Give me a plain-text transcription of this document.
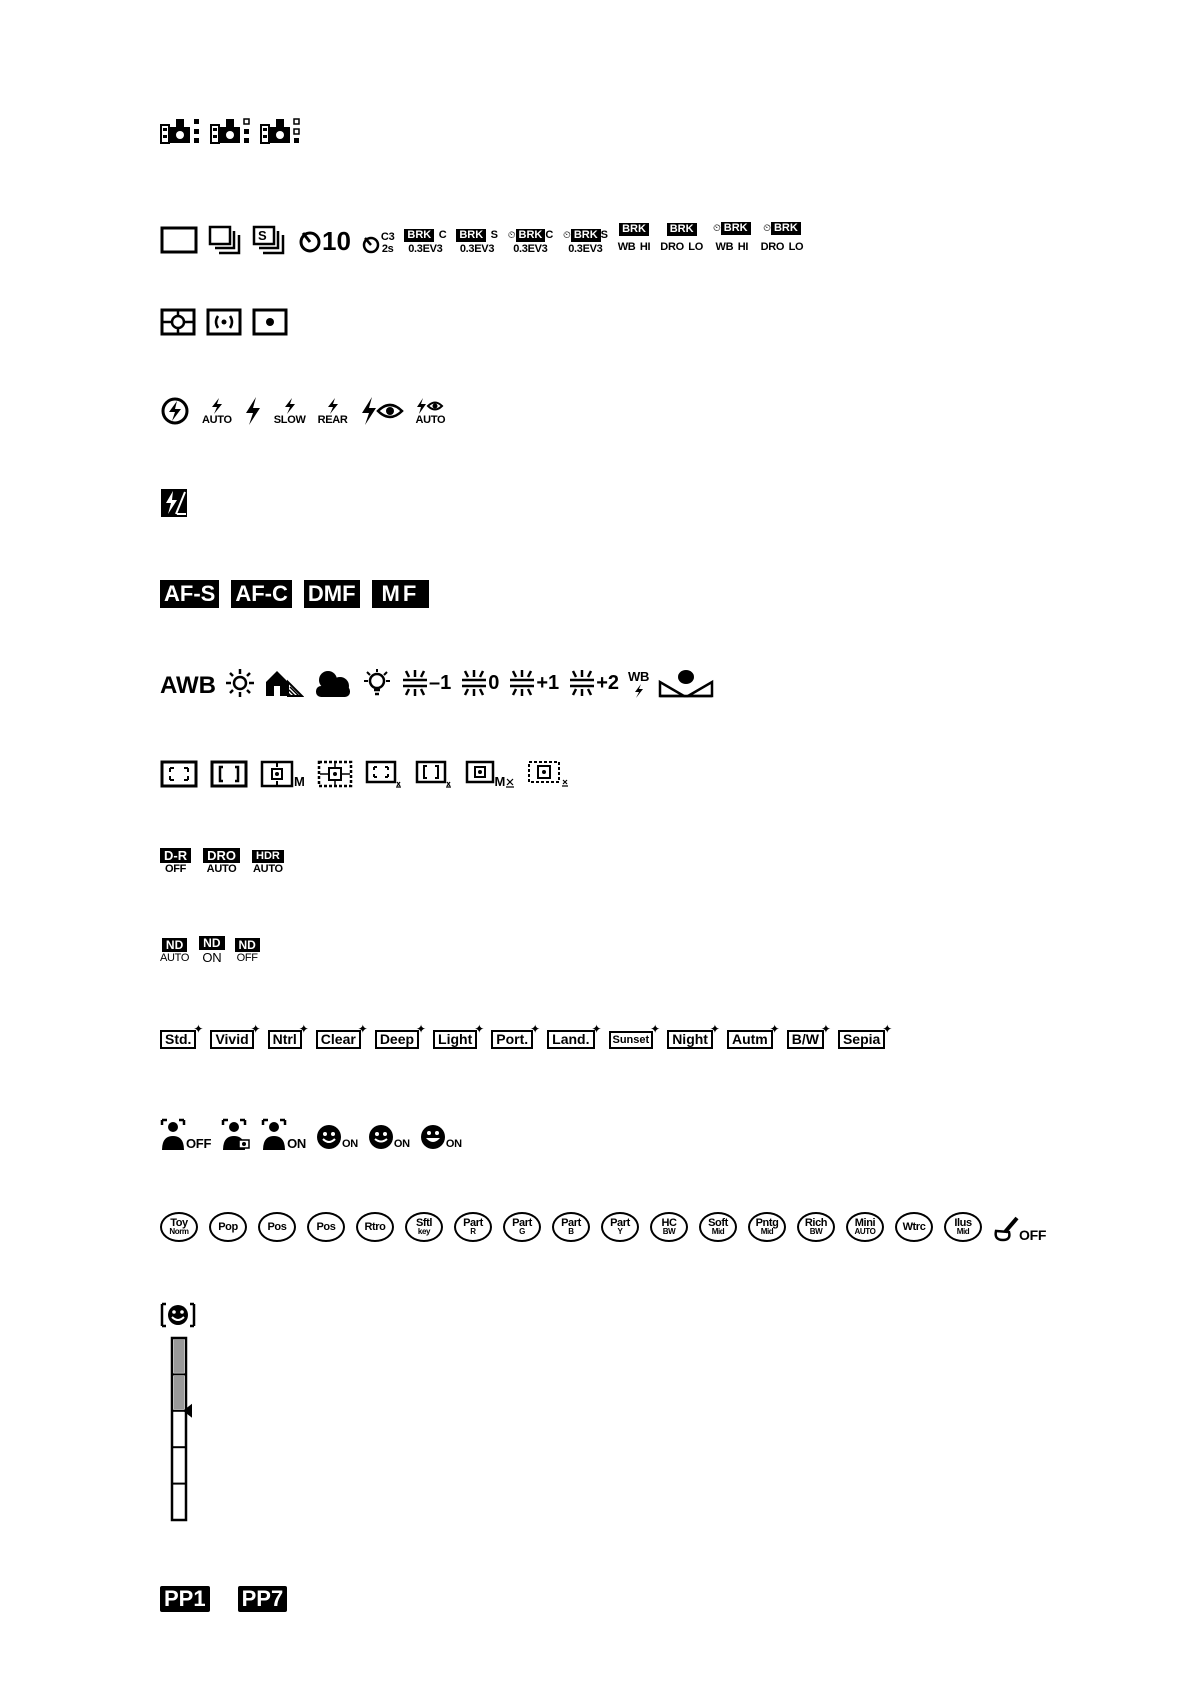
S 10	C3
2s
BRK C
0.3EV3
BRK S
0.3EV3
⏲ BRK C
0.3EV3
⏲ BRK S
0.3EV3
BRK
WB HI
BRK
DRO LO
⏲ BRK
WB HI
⏲ BRK
DRO LO
AUTO	SLOW REAR	AUTO
AF-S AF-C DMF	MF
AWB	–1 0 +1 +2 WB
M	M
D-R
OFF
DRO
AUTO
HDR
AUTO
ND
AUTO
ND
ON
ND
OFF
Std.
✦
Vivid
✦
Ntrl
✦
Clear
✦
Deep
✦
Light
✦
Port.
✦
Land.
✦
Sunset
✦
Night
✦
Autm
✦
B/W
✦
Sepia
✦
OFF	ON	ON	ON	ON
Toy
Norm	Pop	Pos	Pos	Rtro	Sftl
key
Part
R
Part
G
Part
B
Part
Y
HC
BW
Soft
Mid
Pntg
Mid
Rich
BW
Mini
AUTO Wtrc	Ilus
Mid	OFF
PP1 PP7
